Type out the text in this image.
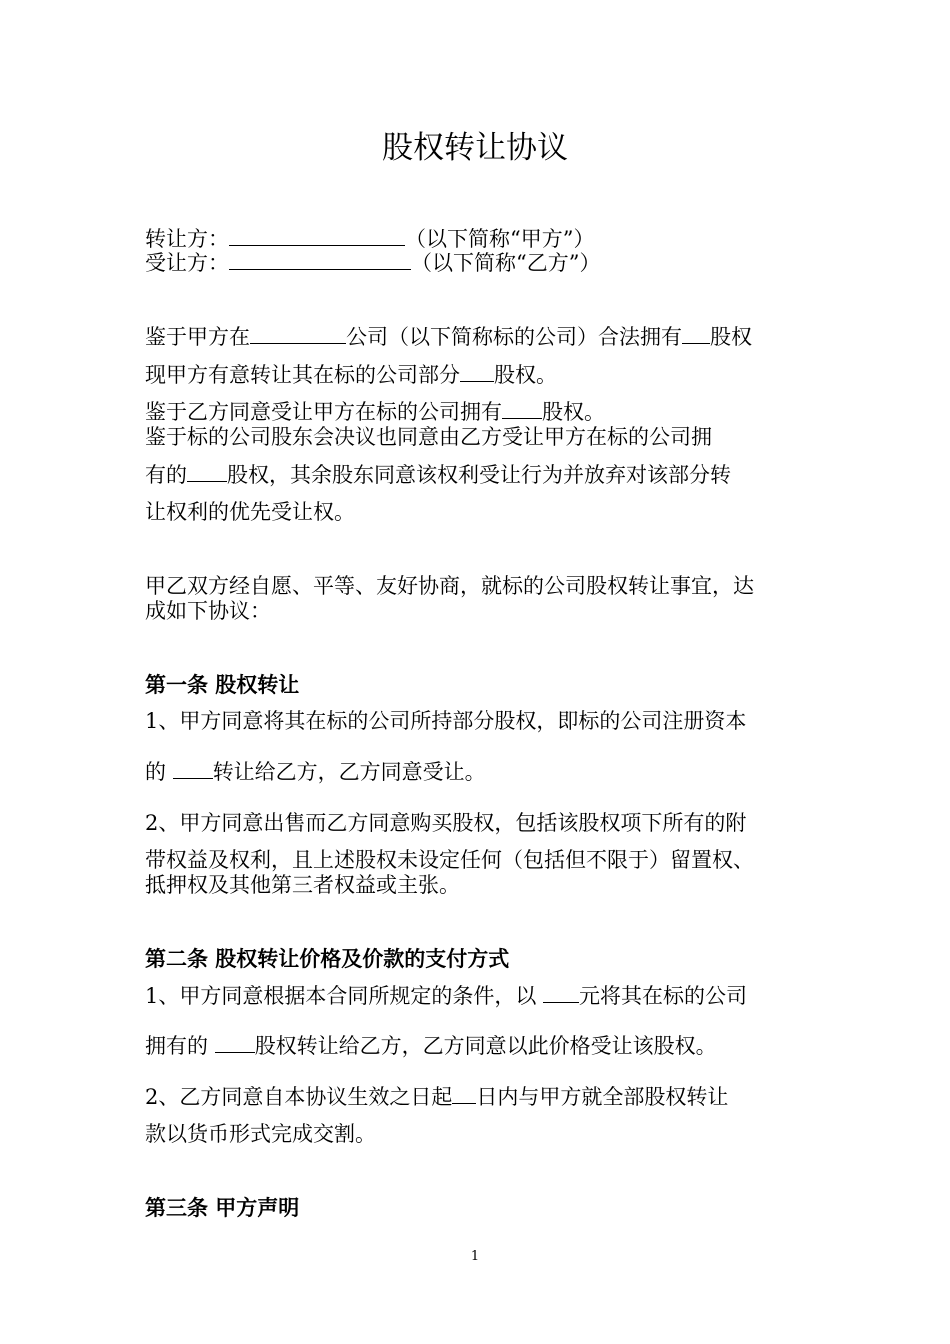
股权转让协议
转让方：	（以下简称“甲方”）
受让方：	（以下简称“乙方”）
鉴于甲方在	公司（以下简称标的公司）合法拥有 股权
现甲方有意转让其在标的公司部分 股权。
鉴于乙方同意受让甲方在标的公司拥有 股权。
鉴于标的公司股东会决议也同意由乙方受让甲方在标的公司拥
有的 股权，其余股东同意该权利受让行为并放弃对该部分转
让权利的优先受让权。
甲乙双方经自愿、平等、友好协商，就标的公司股权转让事宜，达
成如下协议：
第一条 股权转让
1、甲方同意将其在标的公司所持部分股权，即标的公司注册资本
的 转让给乙方，乙方同意受让。
2、甲方同意出售而乙方同意购买股权，包括该股权项下所有的附
带权益及权利，且上述股权未设定任何（包括但不限于）留置权、
抵押权及其他第三者权益或主张。
第二条 股权转让价格及价款的支付方式
1、甲方同意根据本合同所规定的条件，以 元将其在标的公司
拥有的 股权转让给乙方，乙方同意以此价格受让该股权。
2、乙方同意自本协议生效之日起 日内与甲方就全部股权转让
款以货币形式完成交割。
第三条 甲方声明
1
